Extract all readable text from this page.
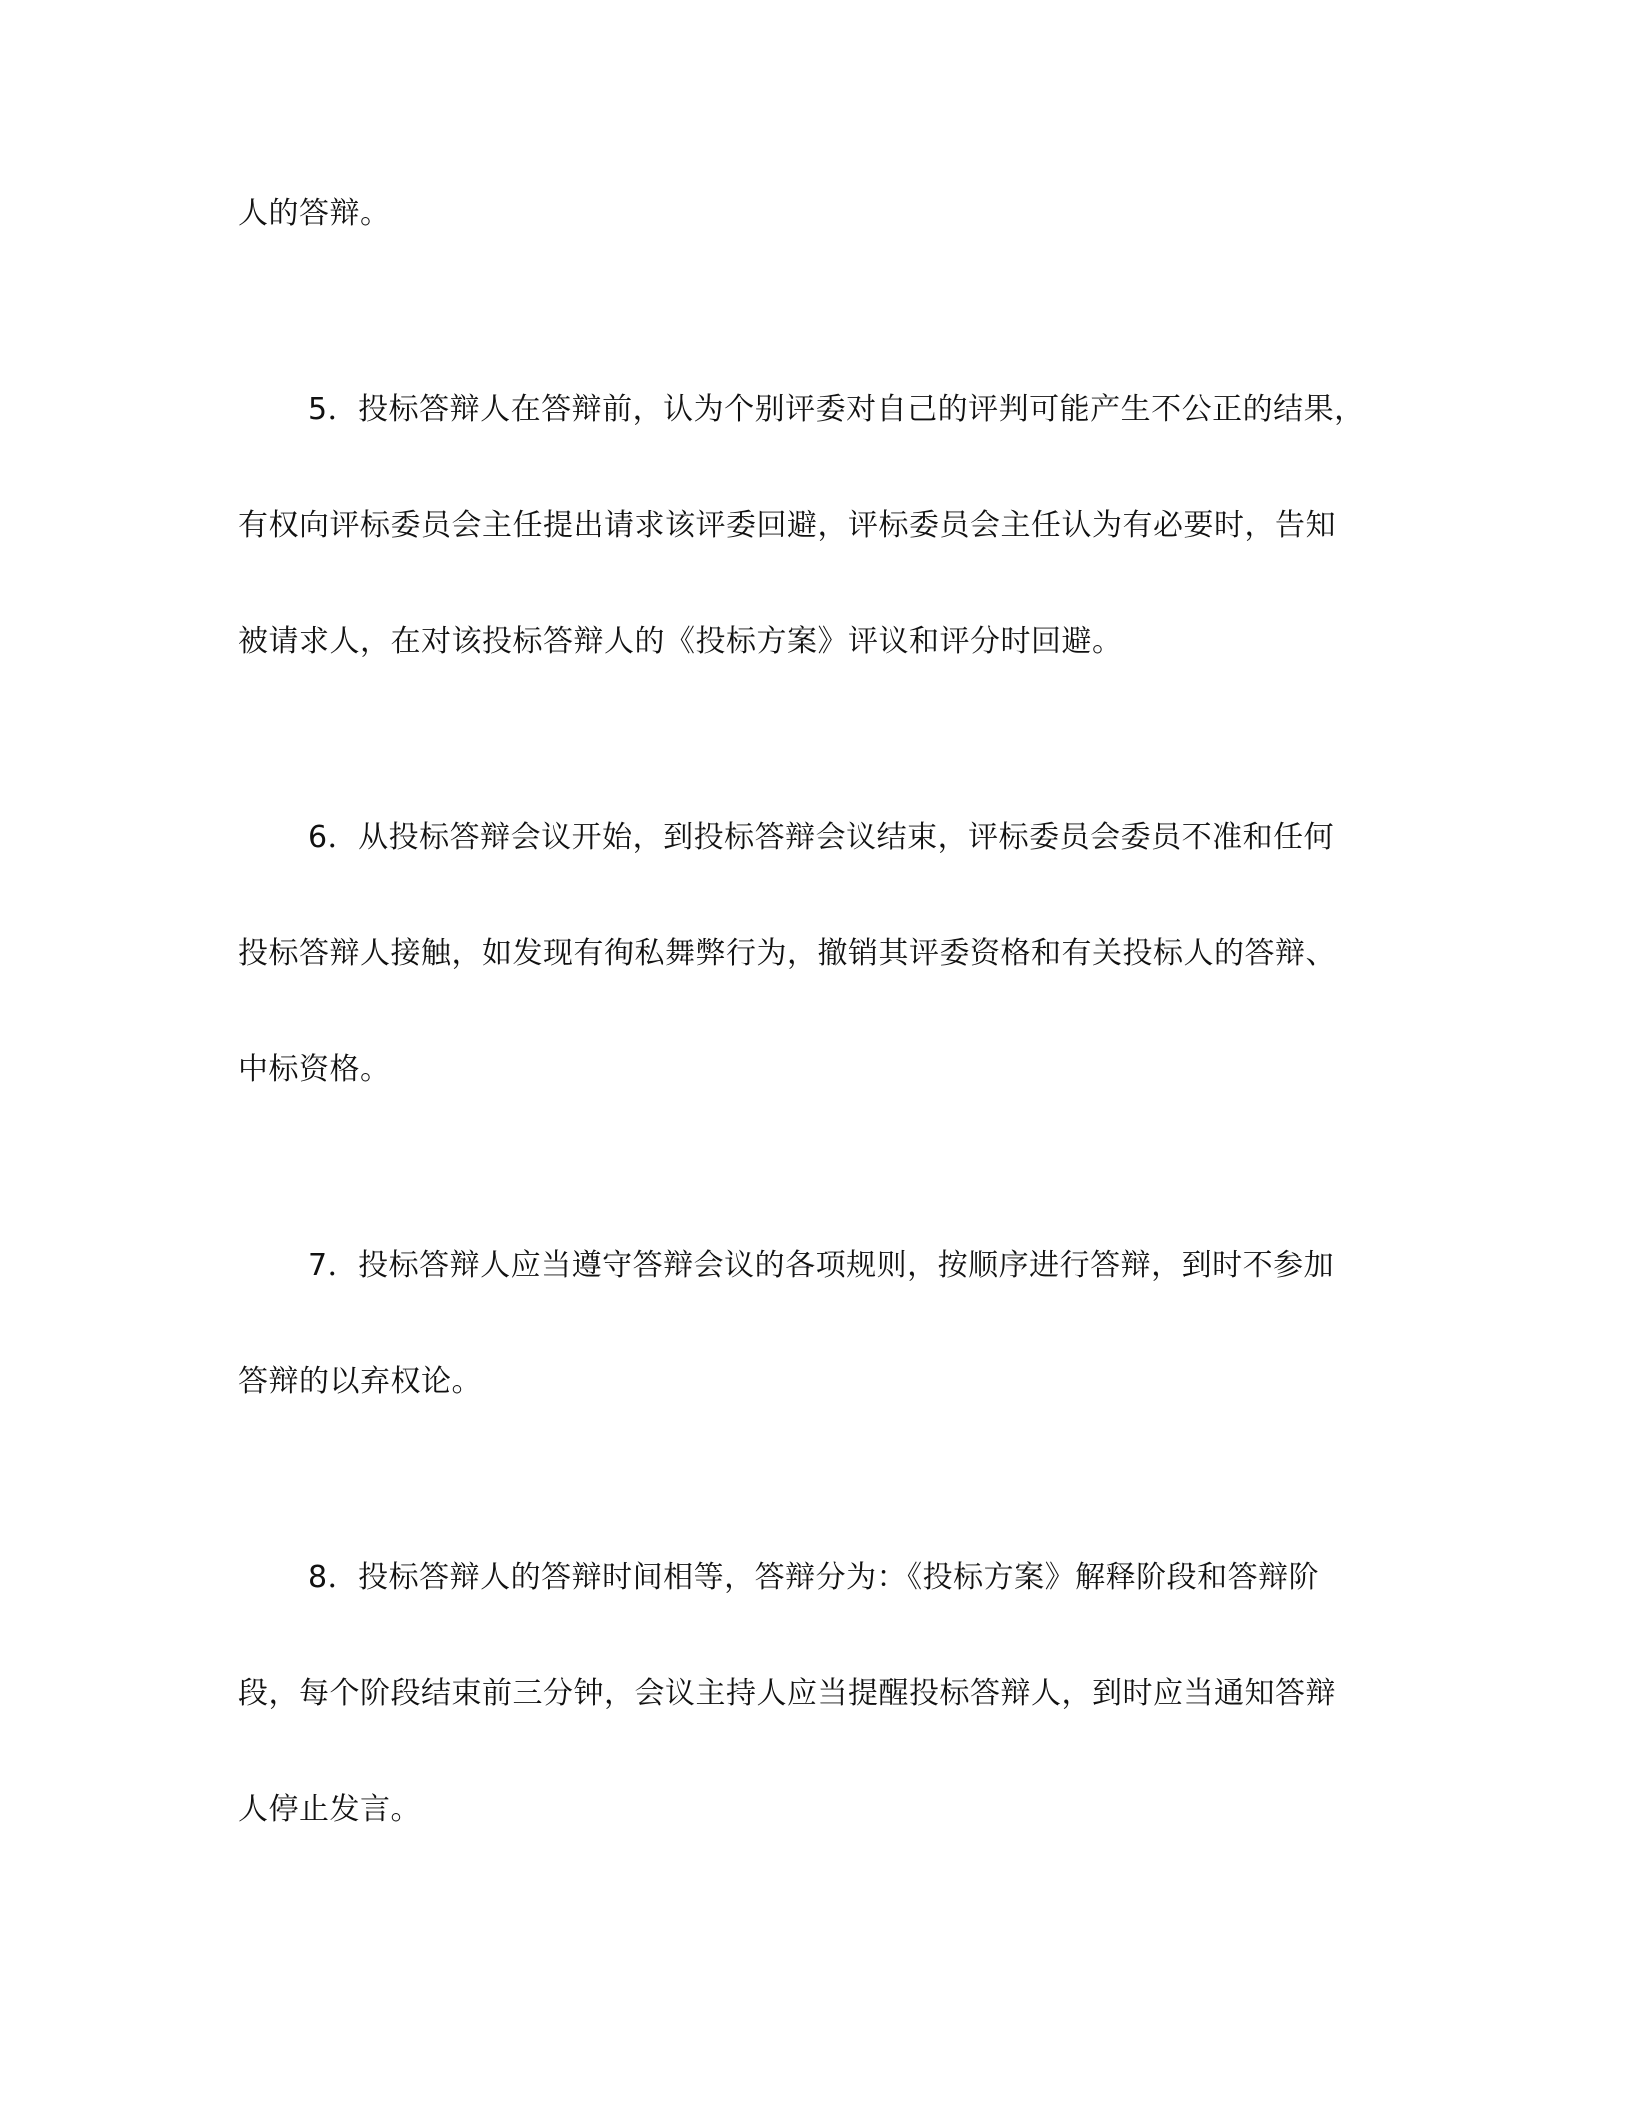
人的答辩。
5．投标答辩人在答辩前，认为个别评委对自己的评判可能产生不公正的结果，
有权向评标委员会主任提出请求该评委回避，评标委员会主任认为有必要时，告知
被请求人，在对该投标答辩人的《投标方案》评议和评分时回避。
6．从投标答辩会议开始，到投标答辩会议结束，评标委员会委员不准和任何
投标答辩人接触，如发现有徇私舞弊行为，撤销其评委资格和有关投标人的答辩、
中标资格。
7．投标答辩人应当遵守答辩会议的各项规则，按顺序进行答辩，到时不参加
答辩的以弃权论。
8．投标答辩人的答辩时间相等，答辩分为：《投标方案》解释阶段和答辩阶
段，每个阶段结束前三分钟，会议主持人应当提醒投标答辩人，到时应当通知答辩
人停止发言。
